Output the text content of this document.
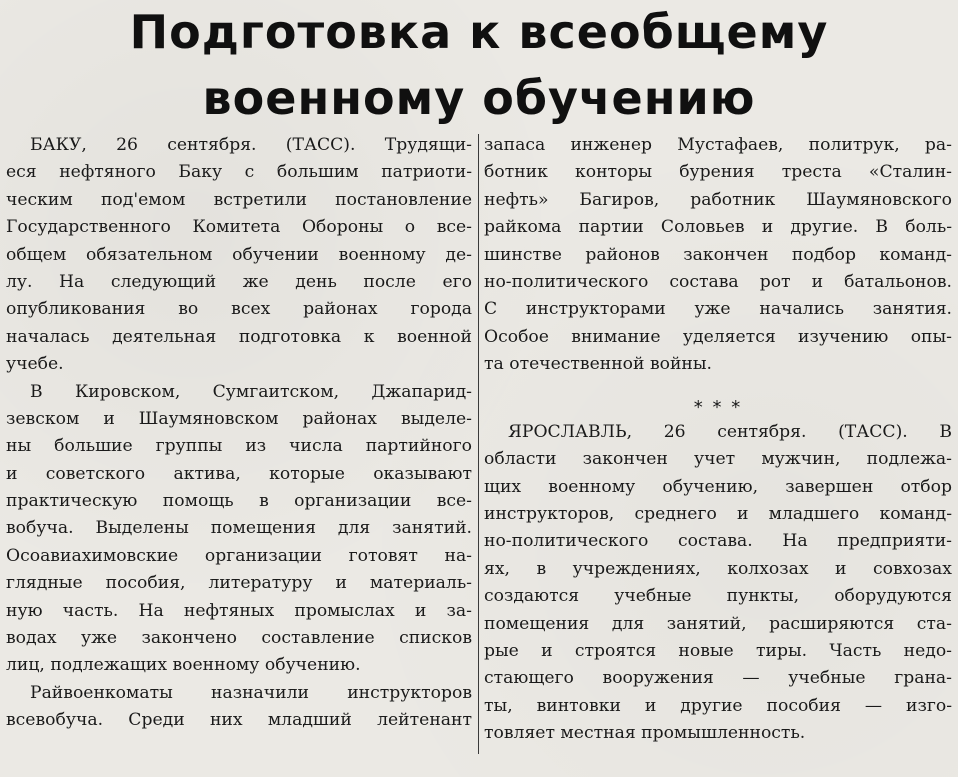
Подготовка к всеобщему
военному обучению
БАКУ, 26 сентября. (ТАСС). Трудящи-
еся нефтяного Баку с большим патриоти-
ческим под'емом встретили постановление
Государственного Комитета Обороны о все-
общем обязательном обучении военному де-
лу. На следующий же день после его
опубликования во всех районах города
началась деятельная подготовка к военной
учебе.
В Кировском, Сумгаитском, Джапарид-
зевском и Шаумяновском районах выделе-
ны большие группы из числа партийного
и советского актива, которые оказывают
практическую помощь в организации все-
вобуча. Выделены помещения для занятий.
Осоавиахимовские организации готовят на-
глядные пособия, литературу и материаль-
ную часть. На нефтяных промыслах и за-
водах уже закончено составление списков
лиц, подлежащих военному обучению.
Райвоенкоматы назначили инструкторов
всевобуча. Среди них младший лейтенант
запаса инженер Мустафаев, политрук, ра-
ботник конторы бурения треста «Сталин-
нефть» Багиров, работник Шаумяновского
райкома партии Соловьев и другие. В боль-
шинстве районов закончен подбор команд-
но-политического состава рот и батальонов.
С инструкторами уже начались занятия.
Особое внимание уделяется изучению опы-
та отечественной войны.
* * *
ЯРОСЛАВЛЬ, 26 сентября. (ТАСС). В
области закончен учет мужчин, подлежа-
щих военному обучению, завершен отбор
инструкторов, среднего и младшего команд-
но-политического состава. На предприяти-
ях, в учреждениях, колхозах и совхозах
создаются учебные пункты, оборудуются
помещения для занятий, расширяются ста-
рые и строятся новые тиры. Часть недо-
стающего вооружения — учебные грана-
ты, винтовки и другие пособия — изго-
товляет местная промышленность.
